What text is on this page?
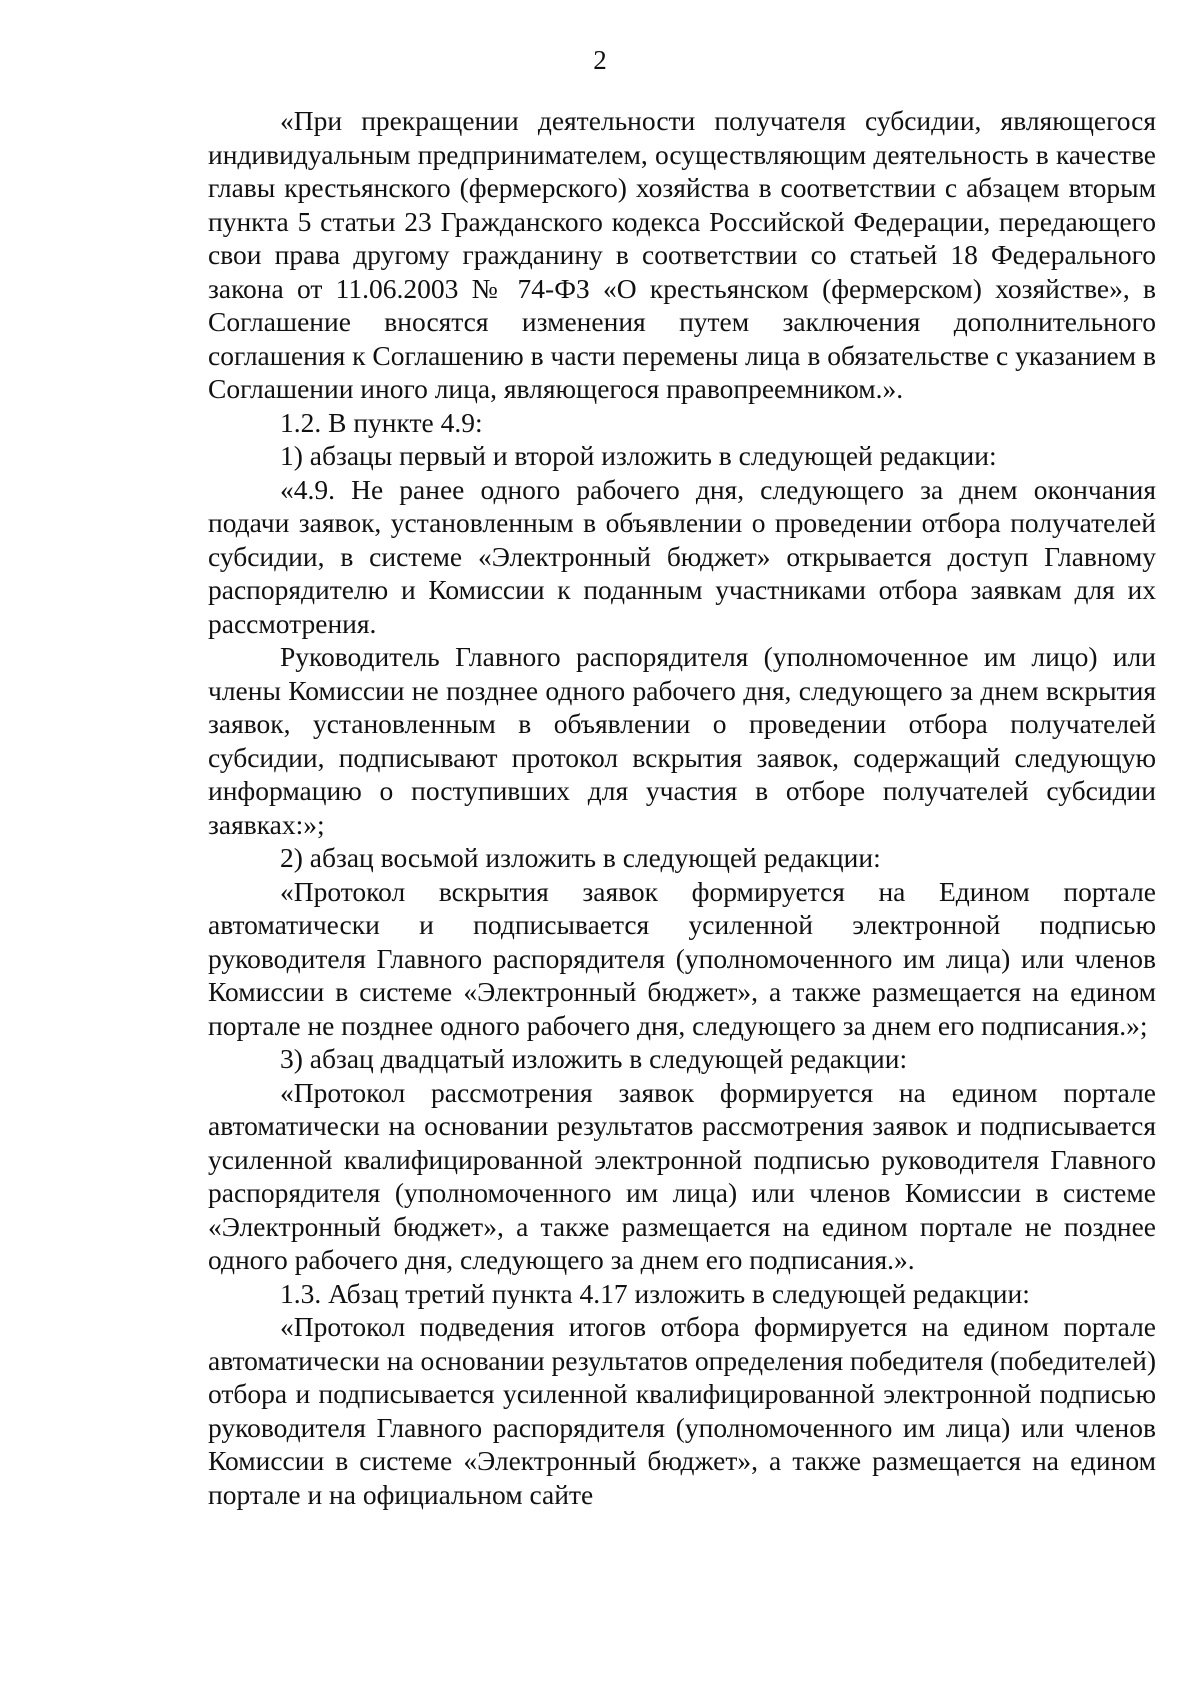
2

«При прекращении деятельности получателя субсидии, являющегося индивидуальным предпринимателем, осуществляющим деятельность в качестве главы крестьянского (фермерского) хозяйства в соответствии с абзацем вторым пункта 5 статьи 23 Гражданского кодекса Российской Федерации, передающего свои права другому гражданину в соответствии со статьей 18 Федерального закона от 11.06.2003 № 74-ФЗ «О крестьянском (фермерском) хозяйстве», в Соглашение вносятся изменения путем заключения дополнительного соглашения к Соглашению в части перемены лица в обязательстве с указанием в Соглашении иного лица, являющегося правопреемником.».

1.2. В пункте 4.9:

1) абзацы первый и второй изложить в следующей редакции:

«4.9. Не ранее одного рабочего дня, следующего за днем окончания подачи заявок, установленным в объявлении о проведении отбора получателей субсидии, в системе «Электронный бюджет» открывается доступ Главному распорядителю и Комиссии к поданным участниками отбора заявкам для их рассмотрения.

Руководитель Главного распорядителя (уполномоченное им лицо) или члены Комиссии не позднее одного рабочего дня, следующего за днем вскрытия заявок, установленным в объявлении о проведении отбора получателей субсидии, подписывают протокол вскрытия заявок, содержащий следующую информацию о поступивших для участия в отборе получателей субсидии заявках:»;

2) абзац восьмой изложить в следующей редакции:

«Протокол вскрытия заявок формируется на Едином портале автоматически и подписывается усиленной электронной подписью руководителя Главного распорядителя (уполномоченного им лица) или членов Комиссии в системе «Электронный бюджет», а также размещается на едином портале не позднее одного рабочего дня, следующего за днем его подписания.»;

3) абзац двадцатый изложить в следующей редакции:

«Протокол рассмотрения заявок формируется на едином портале автоматически на основании результатов рассмотрения заявок и подписывается усиленной квалифицированной электронной подписью руководителя Главного распорядителя (уполномоченного им лица) или членов Комиссии в системе «Электронный бюджет», а также размещается на едином портале не позднее одного рабочего дня, следующего за днем его подписания.».

1.3. Абзац третий пункта 4.17 изложить в следующей редакции:

«Протокол подведения итогов отбора формируется на едином портале автоматически на основании результатов определения победителя (победителей) отбора и подписывается усиленной квалифицированной электронной подписью руководителя Главного распорядителя (уполномоченного им лица) или членов Комиссии в системе «Электронный бюджет», а также размещается на едином портале и на официальном сайте
